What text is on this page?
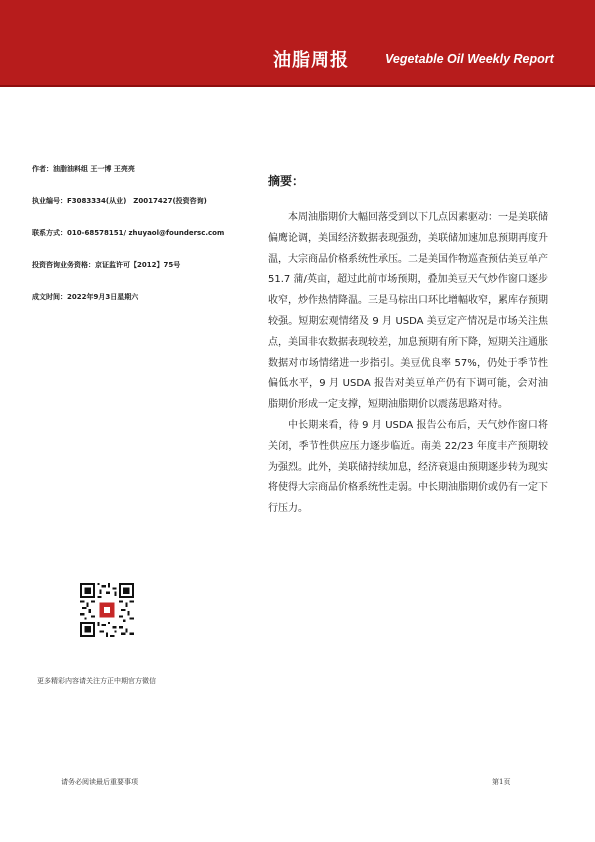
油脂周报	Vegetable Oil Weekly Report
作者：油脂油料组 王一博 王亮亮
执业编号：F3083334(从业)　Z0017427(投资咨询)
联系方式：010-68578151/ zhuyaol@foundersc.com
投资咨询业务资格：京证监许可【2012】75号
成文时间：2022年9月3日星期六
摘要：

本周油脂期价大幅回落受到以下几点因素驱动：一是美联储偏鹰论调，美国经济数据表现强劲，美联储加速加息预期再度升温，大宗商品价格系统性承压。二是美国作物巡查预估美豆单产 51.7 蒲/英亩，超过此前市场预期，叠加美豆天气炒作窗口逐步收窄，炒作热情降温。三是马棕出口环比增幅收窄，累库存预期较强。短期宏观情绪及 9 月 USDA 美豆定产情况是市场关注焦点，美国非农数据表现较差，加息预期有所下降，短期关注通胀数据对市场情绪进一步指引。美豆优良率 57%，仍处于季节性偏低水平，9 月 USDA 报告对美豆单产仍有下调可能，会对油脂期价形成一定支撑，短期油脂期价以震荡思路对待。

中长期来看，待 9 月 USDA 报告公布后，天气炒作窗口将关闭，季节性供应压力逐步临近。南美 22/23 年度丰产预期较为强烈。此外，美联储持续加息，经济衰退由预期逐步转为现实将使得大宗商品价格系统性走弱。中长期油脂期价或仍有一定下行压力。

更多精彩内容请关注方正中期官方微信
请务必阅读最后重要事项	第1页
